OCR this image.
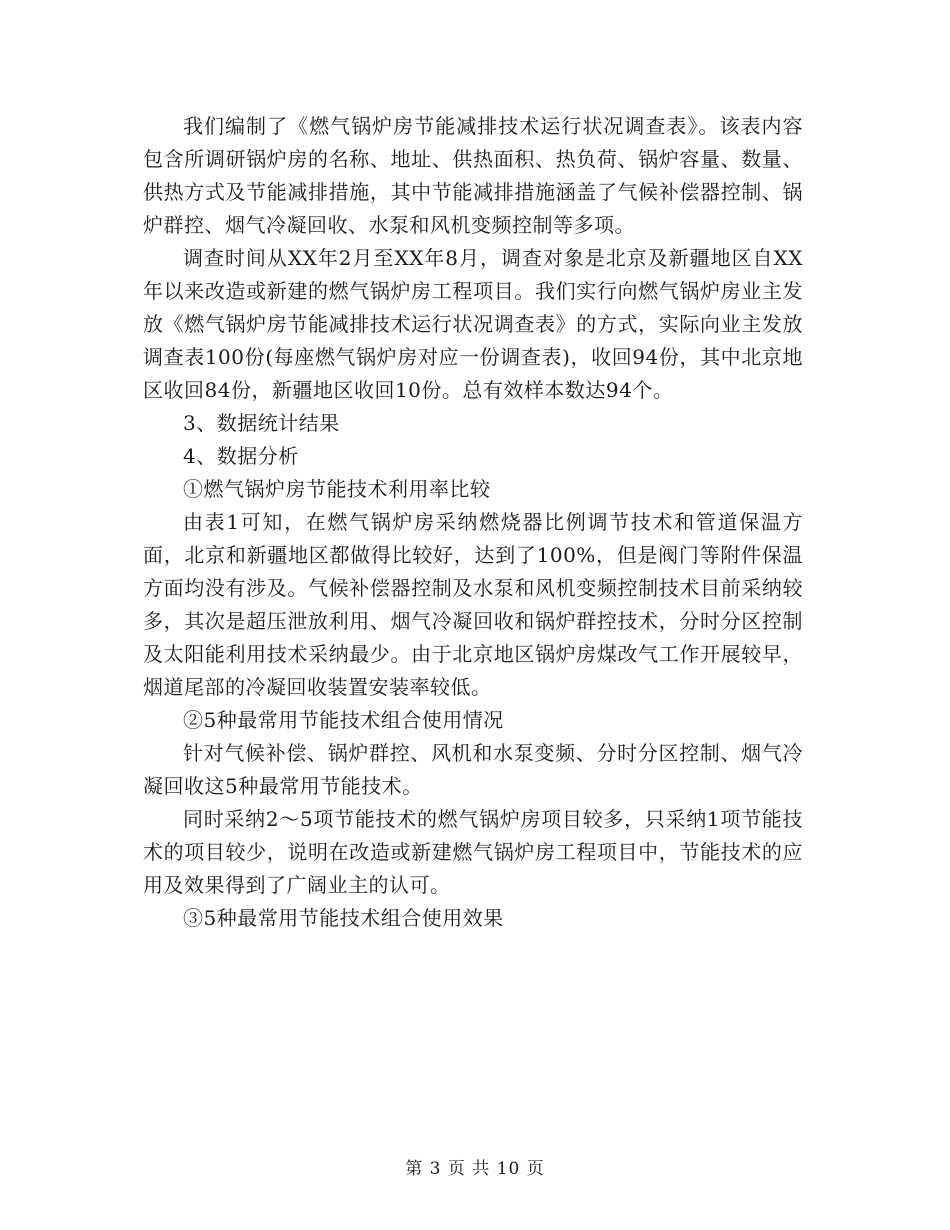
我们编制了《燃气锅炉房节能减排技术运行状况调查表》。该表内容包含所调研锅炉房的名称、地址、供热面积、热负荷、锅炉容量、数量、供热方式及节能减排措施，其中节能减排措施涵盖了气候补偿器控制、锅炉群控、烟气冷凝回收、水泵和风机变频控制等多项。

调查时间从XX年2月至XX年8月，调查对象是北京及新疆地区自XX年以来改造或新建的燃气锅炉房工程项目。我们实行向燃气锅炉房业主发放《燃气锅炉房节能减排技术运行状况调查表》的方式，实际向业主发放调查表100份(每座燃气锅炉房对应一份调查表)，收回94份，其中北京地区收回84份，新疆地区收回10份。总有效样本数达94个。

3、数据统计结果

4、数据分析

①燃气锅炉房节能技术利用率比较

由表1可知，在燃气锅炉房采纳燃烧器比例调节技术和管道保温方面，北京和新疆地区都做得比较好，达到了100%，但是阀门等附件保温方面均没有涉及。气候补偿器控制及水泵和风机变频控制技术目前采纳较多，其次是超压泄放利用、烟气冷凝回收和锅炉群控技术，分时分区控制及太阳能利用技术采纳最少。由于北京地区锅炉房煤改气工作开展较早，烟道尾部的冷凝回收装置安装率较低。

②5种最常用节能技术组合使用情况

针对气候补偿、锅炉群控、风机和水泵变频、分时分区控制、烟气冷凝回收这5种最常用节能技术。

同时采纳2～5项节能技术的燃气锅炉房项目较多，只采纳1项节能技术的项目较少，说明在改造或新建燃气锅炉房工程项目中，节能技术的应用及效果得到了广阔业主的认可。

③5种最常用节能技术组合使用效果

第 3 页 共 10 页
